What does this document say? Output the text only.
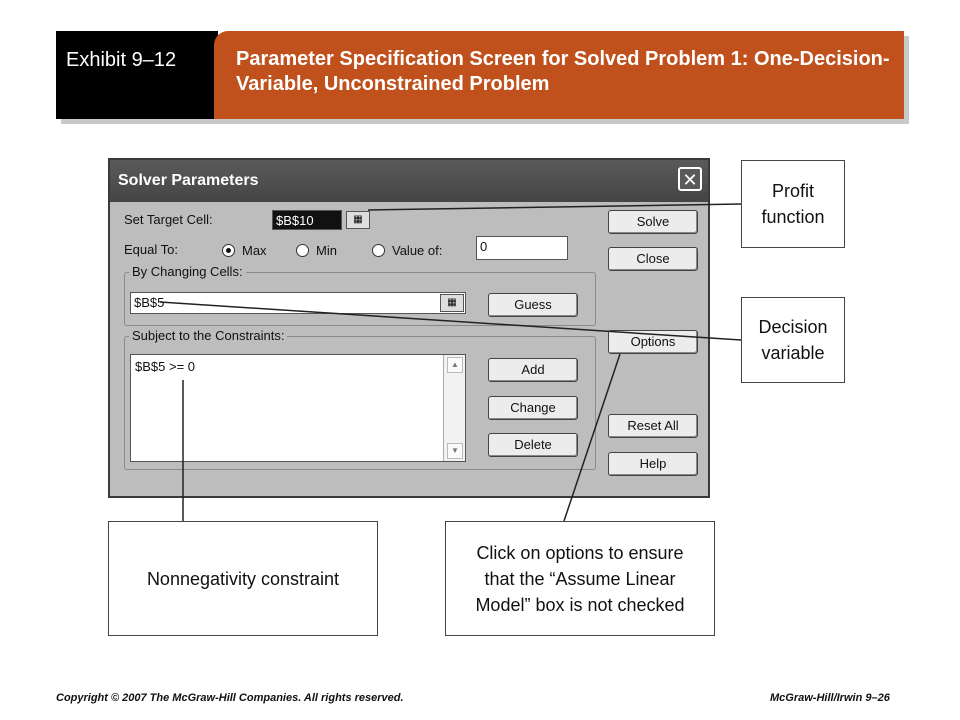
Exhibit 9–12	Parameter Specification Screen for Solved Problem 1: One-Decision-Variable, Unconstrained Problem
Solver Parameters	✕
Set Target Cell:	$B$10	▦
Equal To:	Max	Min	Value of:	0
By Changing Cells:
$B$5	▦	Guess
Subject to the Constraints:
$B$5 >= 0	▲
▼
Add
Change
Delete
Solve
Close
Options
Reset All
Help
Profit function
Decision variable
Nonnegativity constraint
Click on options to ensure that the “Assume Linear Model” box is not checked
Copyright © 2007 The McGraw-Hill Companies. All rights reserved.	McGraw-Hill/Irwin 9–26
